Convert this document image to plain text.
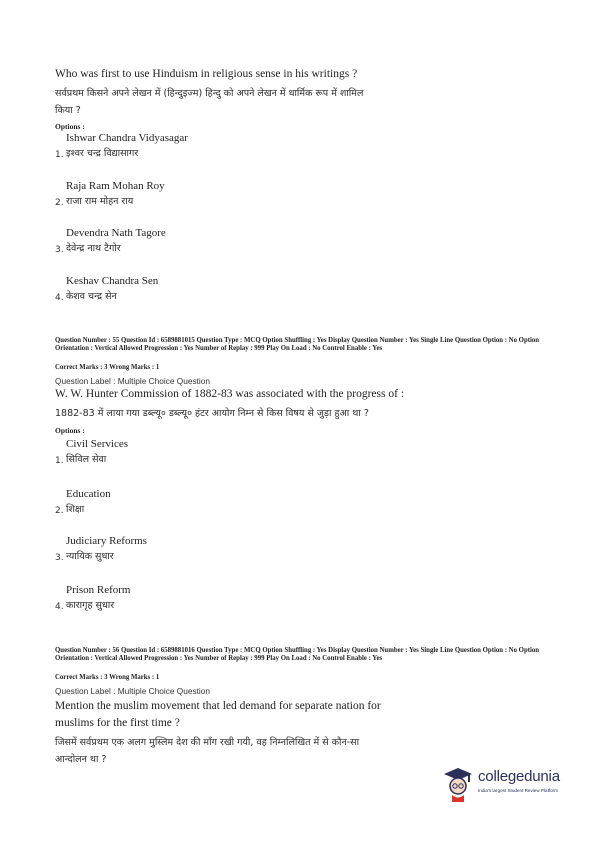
Who was first to use Hinduism in religious sense in his writings ?
सर्वप्रथम किसने अपने लेखन में (हिन्दुइज्म) हिन्दु को अपने लेखन में धार्मिक रूप में शामिल
किया ?
Options :
Ishwar Chandra Vidyasagar
1. इश्वर चन्द्र विद्यासागर
Raja Ram Mohan Roy
2. राजा राम मोहन राय
Devendra Nath Tagore
3. देवेन्द्र नाथ टैगोर
Keshav Chandra Sen
4. केशव चन्द्र सेन
Question Number : 55 Question Id : 6589881015 Question Type : MCQ Option Shuffling : Yes Display Question Number : Yes Single Line Question Option : No Option Orientation : Vertical Allowed Progression : Yes Number of Replay : 999 Play On Load : No Control Enable : Yes
Correct Marks : 3 Wrong Marks : 1
Question Label : Multiple Choice Question
W. W. Hunter Commission of 1882-83 was associated with the progress of :
1882-83 में लाया गया डब्ल्यू० डब्ल्यू० हंटर आयोग निम्न से किस विषय से जुड़ा हुआ था ?
Options :
Civil Services
1. सिविल सेवा
Education
2. शिक्षा
Judiciary Reforms
3. न्यायिक सुधार
Prison Reform
4. कारागृह सुधार
Question Number : 56 Question Id : 6589881016 Question Type : MCQ Option Shuffling : Yes Display Question Number : Yes Single Line Question Option : No Option Orientation : Vertical Allowed Progression : Yes Number of Replay : 999 Play On Load : No Control Enable : Yes
Correct Marks : 3 Wrong Marks : 1
Question Label : Multiple Choice Question
Mention the muslim movement that led demand for separate nation for
muslims for the first time ?
जिसमें सर्वप्रथम एक अलग मुस्लिम देश की माँग रखी गयी, वह निम्नलिखित में से कौन-सा
आन्दोलन था ?
collegedunia
India's largest Student Review Platform
